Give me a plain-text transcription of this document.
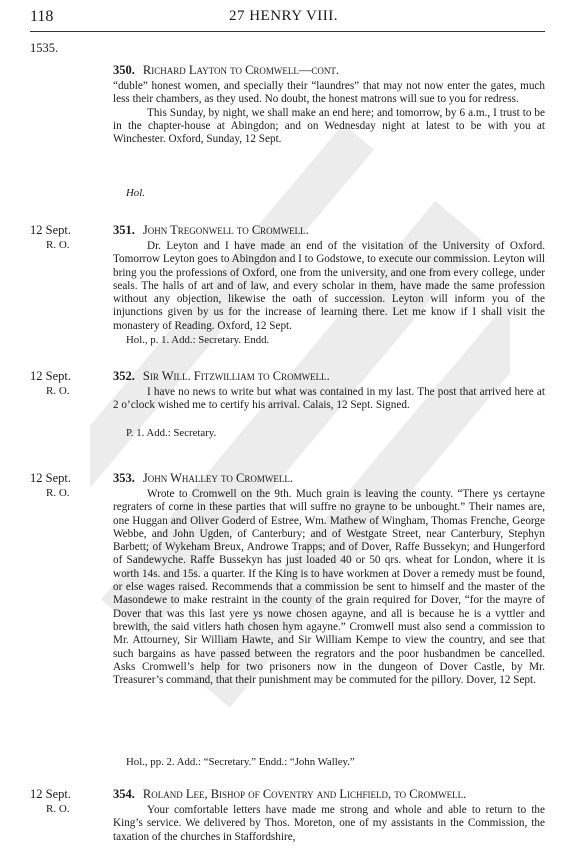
118	27 HENRY VIII.
1535.
350. Richard Layton to Cromwell—cont.

“duble” honest women, and specially their “laundres” that may not now enter the gates, much less their chambers, as they used. No doubt, the honest matrons will sue to you for redress.

This Sunday, by night, we shall make an end here; and tomorrow, by 6 a.m., I trust to be in the chapter-house at Abingdon; and on Wednesday night at latest to be with you at Winchester. Oxford, Sunday, 12 Sept.

Hol.
12 Sept.
R. O.
351. John Tregonwell to Cromwell.

Dr. Leyton and I have made an end of the visitation of the University of Oxford. Tomorrow Leyton goes to Abingdon and I to Godstowe, to execute our commission. Leyton will bring you the professions of Oxford, one from the university, and one from every college, under seals. The halls of art and of law, and every scholar in them, have made the same profession without any objection, likewise the oath of succession. Leyton will inform you of the injunctions given by us for the increase of learning there. Let me know if I shall visit the monastery of Reading. Oxford, 12 Sept.

Hol., p. 1. Add.: Secretary. Endd.
12 Sept.
R. O.
352. Sir Will. Fitzwilliam to Cromwell.

I have no news to write but what was contained in my last. The post that arrived here at 2 o’clock wished me to certify his arrival. Calais, 12 Sept. Signed.

P. 1. Add.: Secretary.
12 Sept.
R. O.
353. John Whalley to Cromwell.

Wrote to Cromwell on the 9th. Much grain is leaving the county. “There ys certayne regraters of corne in these parties that will suffre no grayne to be unbought.” Their names are, one Huggan and Oliver Goderd of Estree, Wm. Mathew of Wingham, Thomas Frenche, George Webbe, and John Ugden, of Canterbury; and of Westgate Street, near Canterbury, Stephyn Barbett; of Wykeham Breux, Androwe Trapps; and of Dover, Raffe Bussekyn; and Hungerford of Sandewyche. Raffe Bussekyn has just loaded 40 or 50 qrs. wheat for London, where it is worth 14s. and 15s. a quarter. If the King is to have workmen at Dover a remedy must be found, or else wages raised. Recommends that a commission be sent to himself and the master of the Masondewe to make restraint in the county of the grain required for Dover, “for the mayre of Dover that was this last yere ys nowe chosen agayne, and all is because he is a vyttler and brewith, the said vitlers hath chosen hym agayne.” Cromwell must also send a commission to Mr. Attourney, Sir William Hawte, and Sir William Kempe to view the country, and see that such bargains as have passed between the regrators and the poor husbandmen be cancelled. Asks Cromwell’s help for two prisoners now in the dungeon of Dover Castle, by Mr. Treasurer’s command, that their punishment may be commuted for the pillory. Dover, 12 Sept.

Hol., pp. 2. Add.: “Secretary.” Endd.: “John Walley.”
12 Sept.
R. O.
354. Roland Lee, Bishop of Coventry and Lichfield, to Cromwell.

Your comfortable letters have made me strong and whole and able to return to the King’s service. We delivered by Thos. Moreton, one of my assistants in the Commission, the taxation of the churches in Staffordshire,
